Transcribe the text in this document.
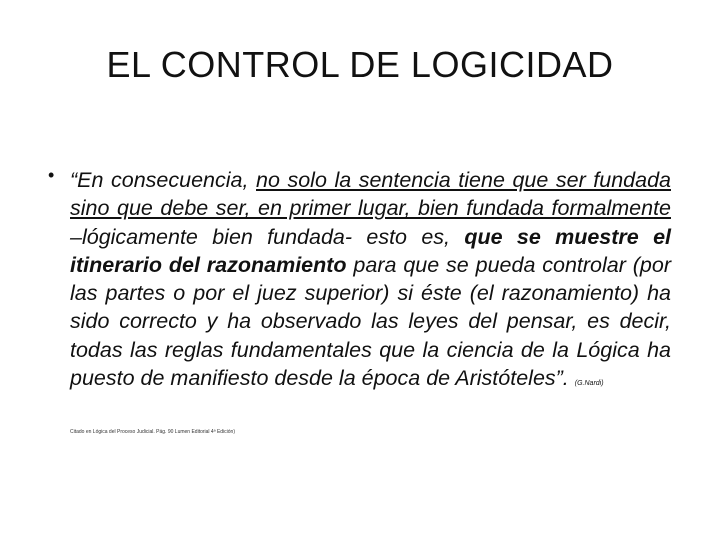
EL CONTROL DE LOGICIDAD
• “En consecuencia, no solo la sentencia tiene que ser fundada sino que debe ser, en primer lugar, bien fundada formalmente –lógicamente bien fundada- esto es, que se muestre el itinerario del razonamiento para que se pueda controlar (por las partes o por el juez superior) si éste (el razonamiento) ha sido correcto y ha observado las leyes del pensar, es decir, todas las reglas fundamentales que la ciencia de la Lógica ha puesto de manifiesto desde la época de Aristóteles”. (G.Nardi)

Citado en Lógica del Proceso Judicial. Pág. 90 Lumen Editorial 4ª Edición)
